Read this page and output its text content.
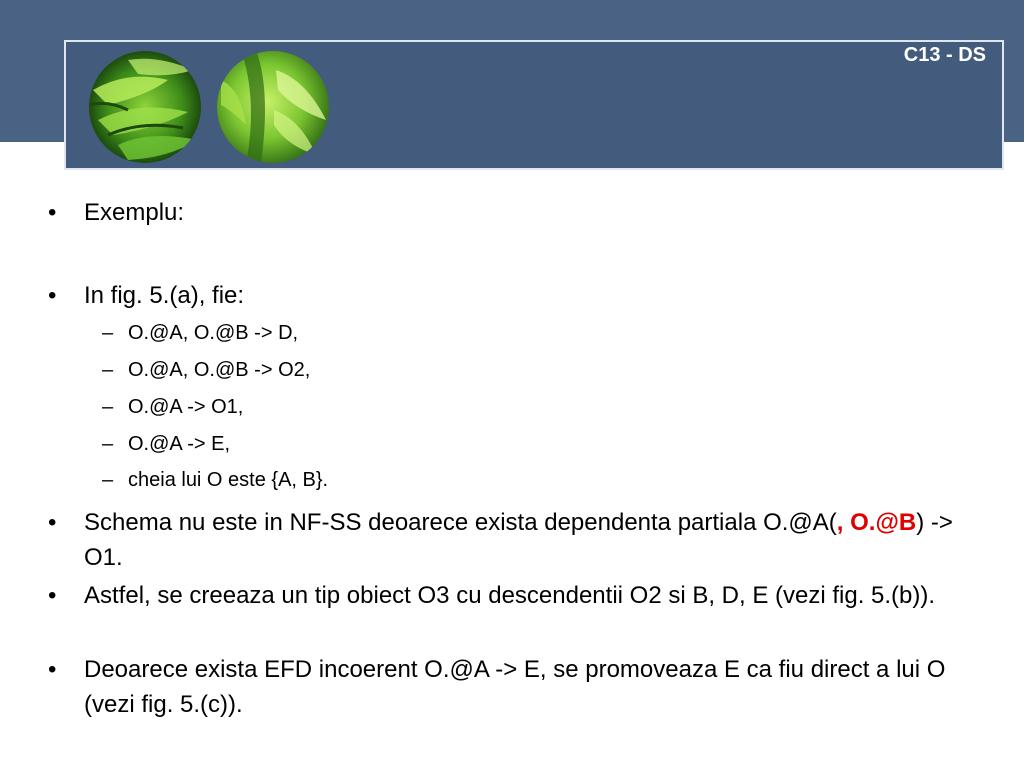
C13 - DS
• Exemplu:
• In fig. 5.(a), fie:
– O.@A, O.@B -> D,
– O.@A, O.@B -> O2,
– O.@A -> O1,
– O.@A -> E,
– cheia lui O este {A, B}.
• Schema nu este in NF-SS deoarece exista dependenta partiala O.@A(, O.@B) -> O1.
• Astfel, se creeaza un tip obiect O3 cu descendentii O2 si B, D, E (vezi fig. 5.(b)).
• Deoarece exista EFD incoerent O.@A -> E, se promoveaza E ca fiu direct a lui O (vezi fig. 5.(c)).
